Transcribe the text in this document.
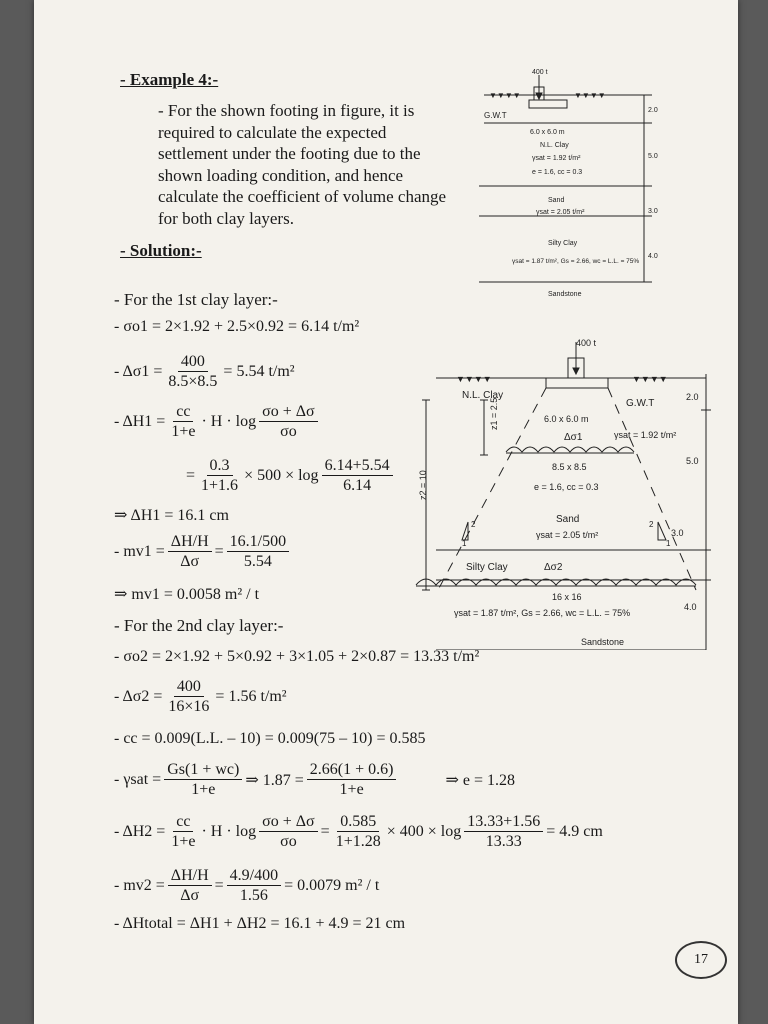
- Example 4:-
- For the shown footing in figure, it is
required to calculate the expected
settlement under the footing due to the
shown loading condition, and hence
calculate the coefficient of volume change
for both clay layers.
400 t
▼▼▼▼
▼▼▼▼
G.W.T
6.0 x 6.0 m
N.L. Clay
γsat = 1.92 t/m²
e = 1.6, cc = 0.3
Sand
γsat = 2.05 t/m²
Silty Clay
γsat = 1.87 t/m², Gs = 2.66, wc = L.L. = 75%
Sandstone
2.0
5.0
3.0
4.0
- Solution:-
- For the 1st clay layer:-
- σo1 = 2×1.92 + 2.5×0.92 = 6.14 t/m²
- $\Delta\sigma 1 = \frac{400}{8.5\times 8.5} = 5.54$ t/m²
- $\Delta H1 = \frac{cc}{1+e} \cdot H \cdot \log \frac{\sigma o + \Delta\sigma}{\sigma o}$
= $\frac{0.3}{1+1.6} \times 500 \times \log \frac{6.14+5.54}{6.14}$
⇒ ΔH1 = 16.1 cm
- $mv1 = \frac{\Delta H/H}{\Delta\sigma} = \frac{16.1/500}{5.54}$
⇒ mv1 = 0.0058 m² / t
- For the 2nd clay layer:-
- σo2 = 2×1.92 + 5×0.92 + 3×1.05 + 2×0.87 = 13.33 t/m²
- $\Delta\sigma 2 = \frac{400}{16\times 16} = 1.56$ t/m²
- cc = 0.009(L.L. – 10) = 0.009(75 – 10) = 0.585
- $\gamma sat = \frac{Gs(1 + wc)}{1+e}$ ⇒ $1.87 = \frac{2.66(1 + 0.6)}{1+e}$	⇒ e = 1.28
- $\Delta H2 = \frac{cc}{1+e} \cdot H \cdot \log \frac{\sigma o + \Delta\sigma}{\sigma o} = \frac{0.585}{1+1.28} \times 400 \times \log \frac{13.33+1.56}{13.33} = 4.9$ cm
- $mv2 = \frac{\Delta H/H}{\Delta\sigma} = \frac{4.9/400}{1.56} = 0.0079$ m² / t
- ΔHtotal = ΔH1 + ΔH2 = 16.1 + 4.9 = 21 cm
400 t
▼▼▼▼	▼▼▼▼
N.L. Clay
G.W.T
6.0 x 6.0 m
Δσ1	γsat = 1.92 t/m²
8.5 x 8.5
e = 1.6, cc = 0.3
z1 = 2.5
z2 = 10
Sand
γsat = 2.05 t/m²
2
1
2
1
3.0
Silty Clay	Δσ2
16 x 16
γsat = 1.87 t/m², Gs = 2.66, wc = L.L. = 75%
Sandstone
2.0
5.0
4.0
17
